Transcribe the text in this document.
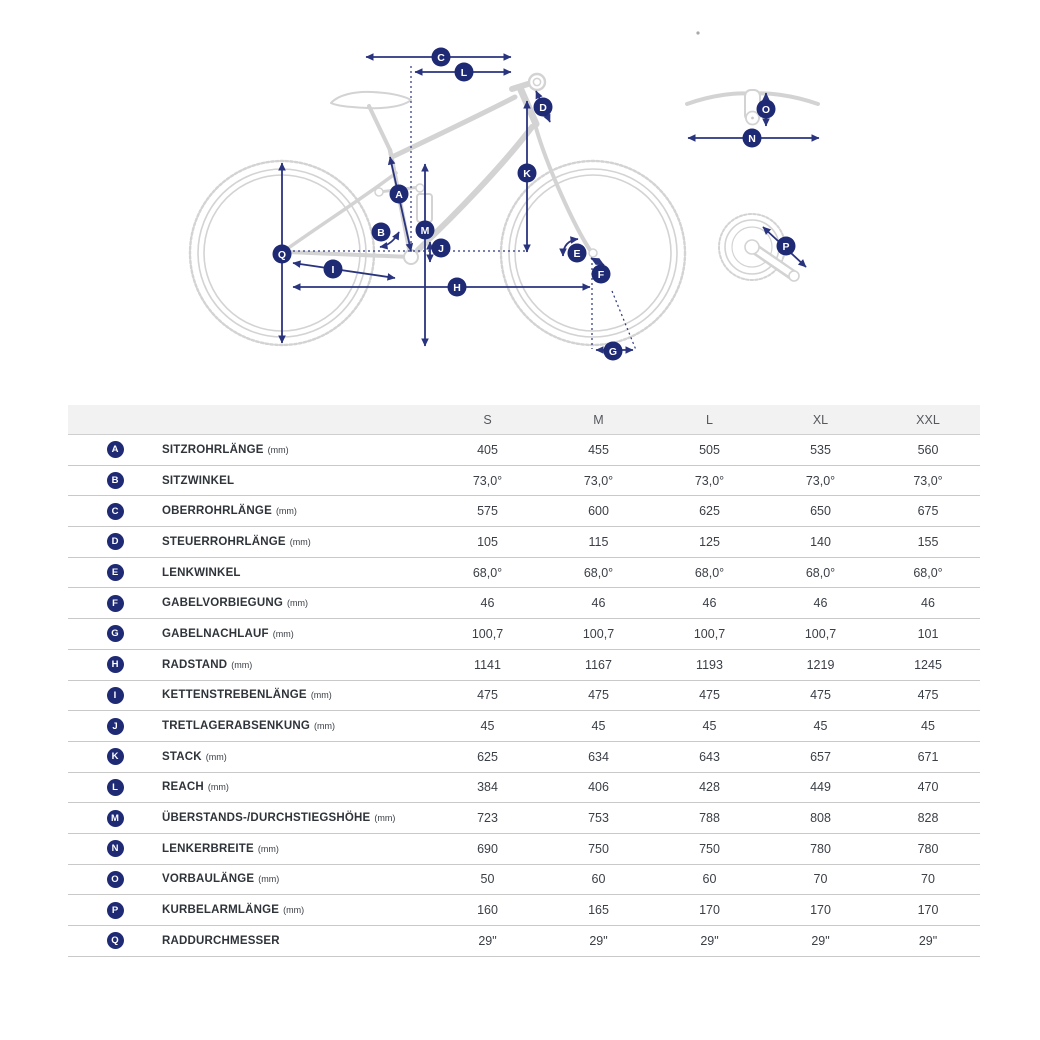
A
B
C
D
E
F
G
H
I
J
K
L
M
N
O
P
Q
S	M	L	XL	XXL
A	SITZROHRLÄNGE (mm)	405	455	505	535	560
B	SITZWINKEL	73,0°	73,0°	73,0°	73,0°	73,0°
C	OBERROHRLÄNGE (mm)	575	600	625	650	675
D	STEUERROHRLÄNGE (mm)	105	115	125	140	155
E	LENKWINKEL	68,0°	68,0°	68,0°	68,0°	68,0°
F	GABELVORBIEGUNG (mm)	46	46	46	46	46
G	GABELNACHLAUF (mm)	100,7	100,7	100,7	100,7	101
H	RADSTAND (mm)	1141	1167	1193	1219	1245
I	KETTENSTREBENLÄNGE (mm)	475	475	475	475	475
J	TRETLAGERABSENKUNG (mm)	45	45	45	45	45
K	STACK (mm)	625	634	643	657	671
L	REACH (mm)	384	406	428	449	470
M	ÜBERSTANDS-/DURCHSTIEGSHÖHE (mm)	723	753	788	808	828
N	LENKERBREITE (mm)	690	750	750	780	780
O	VORBAULÄNGE (mm)	50	60	60	70	70
P	KURBELARMLÄNGE (mm)	160	165	170	170	170
Q	RADDURCHMESSER	29"	29"	29"	29"	29"
